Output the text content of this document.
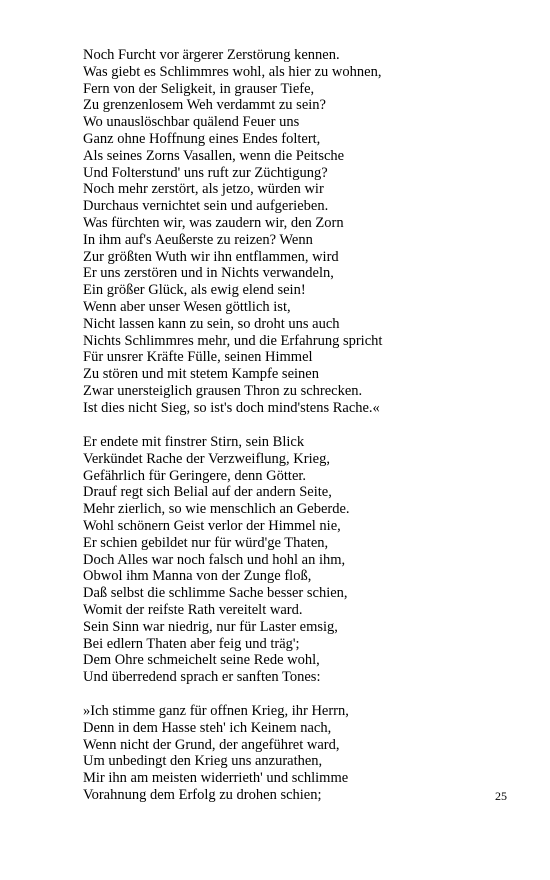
Noch Furcht vor ärgerer Zerstörung kennen.
Was giebt es Schlimmres wohl, als hier zu wohnen,
Fern von der Seligkeit, in grauser Tiefe,
Zu grenzenlosem Weh verdammt zu sein?
Wo unauslöschbar quälend Feuer uns
Ganz ohne Hoffnung eines Endes foltert,
Als seines Zorns Vasallen, wenn die Peitsche
Und Folterstund' uns ruft zur Züchtigung?
Noch mehr zerstört, als jetzo, würden wir
Durchaus vernichtet sein und aufgerieben.
Was fürchten wir, was zaudern wir, den Zorn
In ihm auf's Aeußerste zu reizen? Wenn
Zur größten Wuth wir ihn entflammen, wird
Er uns zerstören und in Nichts verwandeln,
Ein größer Glück, als ewig elend sein!
Wenn aber unser Wesen göttlich ist,
Nicht lassen kann zu sein, so droht uns auch
Nichts Schlimmres mehr, und die Erfahrung spricht
Für unsrer Kräfte Fülle, seinen Himmel
Zu stören und mit stetem Kampfe seinen
Zwar unersteiglich grausen Thron zu schrecken.
Ist dies nicht Sieg, so ist's doch mind'stens Rache.«
Er endete mit finstrer Stirn, sein Blick
Verkündet Rache der Verzweiflung, Krieg,
Gefährlich für Geringere, denn Götter.
Drauf regt sich Belial auf der andern Seite,
Mehr zierlich, so wie menschlich an Geberde.
Wohl schönern Geist verlor der Himmel nie,
Er schien gebildet nur für würd'ge Thaten,
Doch Alles war noch falsch und hohl an ihm,
Obwol ihm Manna von der Zunge floß,
Daß selbst die schlimme Sache besser schien,
Womit der reifste Rath vereitelt ward.
Sein Sinn war niedrig, nur für Laster emsig,
Bei edlern Thaten aber feig und träg';
Dem Ohre schmeichelt seine Rede wohl,
Und überredend sprach er sanften Tones:
»Ich stimme ganz für offnen Krieg, ihr Herrn,
Denn in dem Hasse steh' ich Keinem nach,
Wenn nicht der Grund, der angeführet ward,
Um unbedingt den Krieg uns anzurathen,
Mir ihn am meisten widerrieth' und schlimme
Vorahnung dem Erfolg zu drohen schien;	25
